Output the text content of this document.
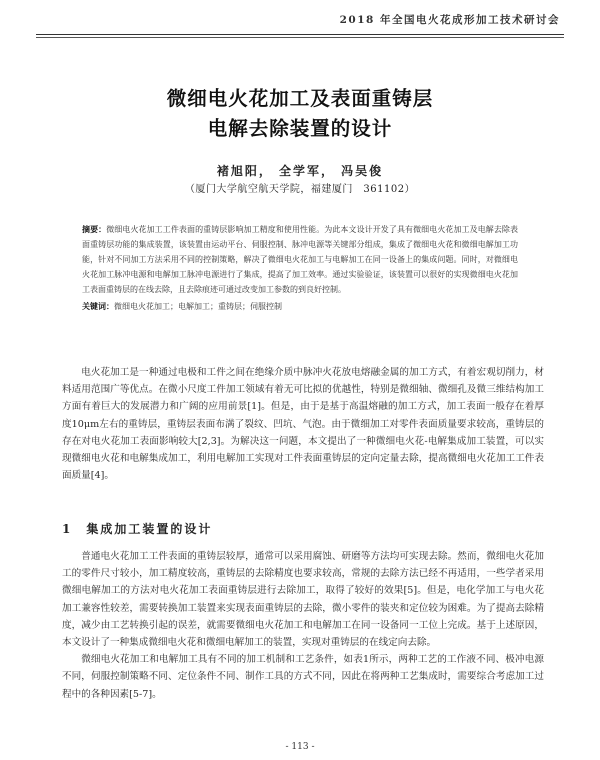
2018 年全国电火花成形加工技术研讨会
微细电火花加工及表面重铸层
电解去除装置的设计
褚旭阳， 全学军， 冯吴俊
（厦门大学航空航天学院，福建厦门　361102）
摘要：微细电火花加工工件表面的重铸层影响加工精度和使用性能。为此本文设计开发了具有微细电火花加工及电解去除表面重铸层功能的集成装置，该装置由运动平台、伺服控制、脉冲电源等关键部分组成，集成了微细电火花和微细电解加工功能，针对不同加工方法采用不同的控制策略，解决了微细电火花加工与电解加工在同一设备上的集成问题。同时，对微细电火花加工脉冲电源和电解加工脉冲电源进行了集成，提高了加工效率。通过实验验证，该装置可以很好的实现微细电火花加工表面重铸层的在线去除，且去除痕迹可通过改变加工参数的到良好控制。
关键词：微细电火花加工；电解加工；重铸层；伺服控制

电火花加工是一种通过电极和工件之间在绝缘介质中脉冲火花放电熔融金属的加工方式，有着宏观切削力，材料适用范围广等优点。在微小尺度工件加工领域有着无可比拟的优越性，特别是微细轴、微细孔及微三维结构加工方面有着巨大的发展潜力和广阔的应用前景[1]。但是，由于是基于高温熔融的加工方式，加工表面一般存在着厚度10μm左右的重铸层，重铸层表面布满了裂纹、凹坑、气泡。由于微细加工对零件表面质量要求较高，重铸层的存在对电火花加工表面影响较大[2,3]。为解决这一问题，本文提出了一种微细电火花-电解集成加工装置，可以实现微细电火花和电解集成加工，利用电解加工实现对工件表面重铸层的定向定量去除，提高微细电火花加工工件表面质量[4]。

1 集成加工装置的设计

普通电火花加工工件表面的重铸层较厚，通常可以采用腐蚀、研磨等方法均可实现去除。然而，微细电火花加工的零件尺寸较小，加工精度较高，重铸层的去除精度也要求较高，常规的去除方法已经不再适用，一些学者采用微细电解加工的方法对电火花加工表面重铸层进行去除加工，取得了较好的效果[5]。但是，电化学加工与电火花加工兼容性较差，需要转换加工装置来实现表面重铸层的去除，微小零件的装夹和定位较为困难。为了提高去除精度，减少由工艺转换引起的误差，就需要微细电火花加工和电解加工在同一设备同一工位上完成。基于上述原因，本文设计了一种集成微细电火花和微细电解加工的装置，实现对重铸层的在线定向去除。

微细电火花加工和电解加工具有不同的加工机制和工艺条件，如表1所示，两种工艺的工作液不同、极冲电源不同，伺服控制策略不同、定位条件不同、制作工具的方式不同，因此在将两种工艺集成时，需要综合考虑加工过程中的各种因素[5-7]。

- 113 -
